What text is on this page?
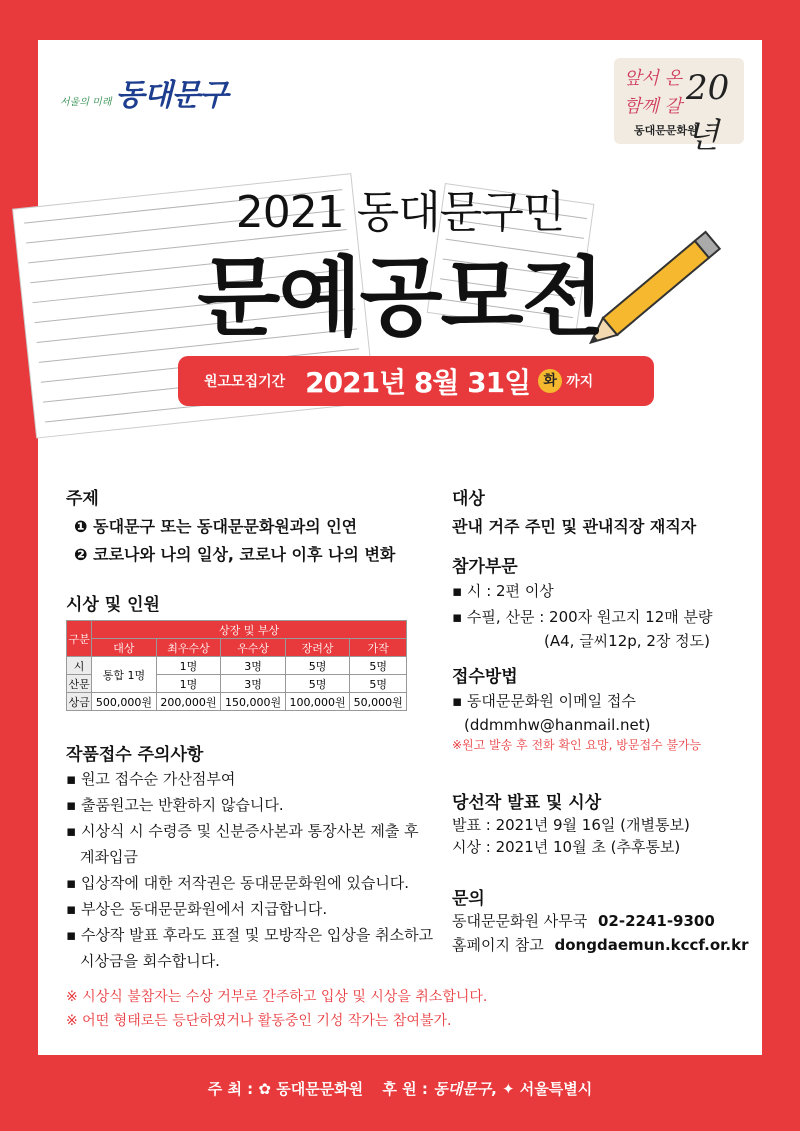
서울의 미래 동대문구	앞서 온
함께 갈 20년
동대문문화원
2021 동대문구민
문예공모전
원고모집기간 2021년 8월 31일 화 까지
주제
❶ 동대문구 또는 동대문문화원과의 인연
❷ 코로나와 나의 일상, 코로나 이후 나의 변화
시상 및 인원
구분	상장 및 부상				
	대상	최우수상	우수상	장려상	가작
시	통합 1명	1명	3명	5명	5명
산문		1명	3명	5명	5명
상금	500,000원	200,000원	150,000원	100,000원	50,000원
작품접수 주의사항
▪ 원고 접수순 가산점부여
▪ 출품원고는 반환하지 않습니다.
▪ 시상식 시 수령증 및 신분증사본과 통장사본 제출 후
계좌입금
▪ 입상작에 대한 저작권은 동대문문화원에 있습니다.
▪ 부상은 동대문문화원에서 지급합니다.
▪ 수상작 발표 후라도 표절 및 모방작은 입상을 취소하고
시상금을 회수합니다.
※ 시상식 불참자는 수상 거부로 간주하고 입상 및 시상을 취소합니다.
※ 어떤 형태로든 등단하였거나 활동중인 기성 작가는 참여불가.
대상
관내 거주 주민 및 관내직장 재직자
참가부문
▪ 시 : 2편 이상
▪ 수필, 산문 : 200자 원고지 12매 분량
(A4, 글씨12p, 2장 정도)
접수방법
▪ 동대문문화원 이메일 접수
(ddmmhw@hanmail.net)
※원고 발송 후 전화 확인 요망, 방문접수 불가능
당선작 발표 및 시상
발표 : 2021년 9월 16일 (개별통보)
시상 : 2021년 10월 초 (추후통보)
문의
동대문문화원 사무국 02-2241-9300
홈페이지 참고 dongdaemun.kccf.or.kr
주 최 : ✿ 동대문문화원 후 원 : 동대문구, ✦ 서울특별시
